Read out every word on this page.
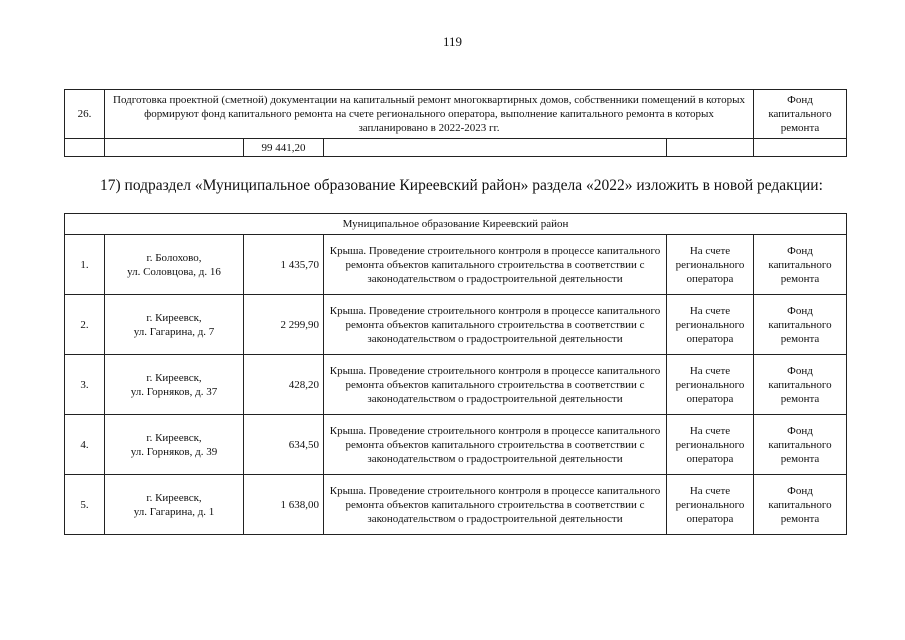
119
26.	Подготовка проектной (сметной) документации на капитальный ремонт многоквартирных домов, собственники помещений в которых формируют фонд капитального ремонта на счете регионального оператора, выполнение капитального ремонта в которых запланировано в 2022-2023 гг.				Фонд капитального ремонта
		99 441,20			
17) подраздел «Муниципальное образование Киреевский район» раздела «2022» изложить в новой редакции:
Муниципальное образование Киреевский район					
1.	г. Болохово,
ул. Соловцова, д. 16	1 435,70	Крыша. Проведение строительного контроля в процессе капитального ремонта объектов капитального строительства в соответствии с законодательством о градостроительной деятельности	На счете регионального оператора	Фонд капитального ремонта
2.	г. Киреевск,
ул. Гагарина, д. 7	2 299,90	Крыша. Проведение строительного контроля в процессе капитального ремонта объектов капитального строительства в соответствии с законодательством о градостроительной деятельности	На счете регионального оператора	Фонд капитального ремонта
3.	г. Киреевск,
ул. Горняков, д. 37	428,20	Крыша. Проведение строительного контроля в процессе капитального ремонта объектов капитального строительства в соответствии с законодательством о градостроительной деятельности	На счете регионального оператора	Фонд капитального ремонта
4.	г. Киреевск,
ул. Горняков, д. 39	634,50	Крыша. Проведение строительного контроля в процессе капитального ремонта объектов капитального строительства в соответствии с законодательством о градостроительной деятельности	На счете регионального оператора	Фонд капитального ремонта
5.	г. Киреевск,
ул. Гагарина, д. 1	1 638,00	Крыша. Проведение строительного контроля в процессе капитального ремонта объектов капитального строительства в соответствии с законодательством о градостроительной деятельности	На счете регионального оператора	Фонд капитального ремонта
